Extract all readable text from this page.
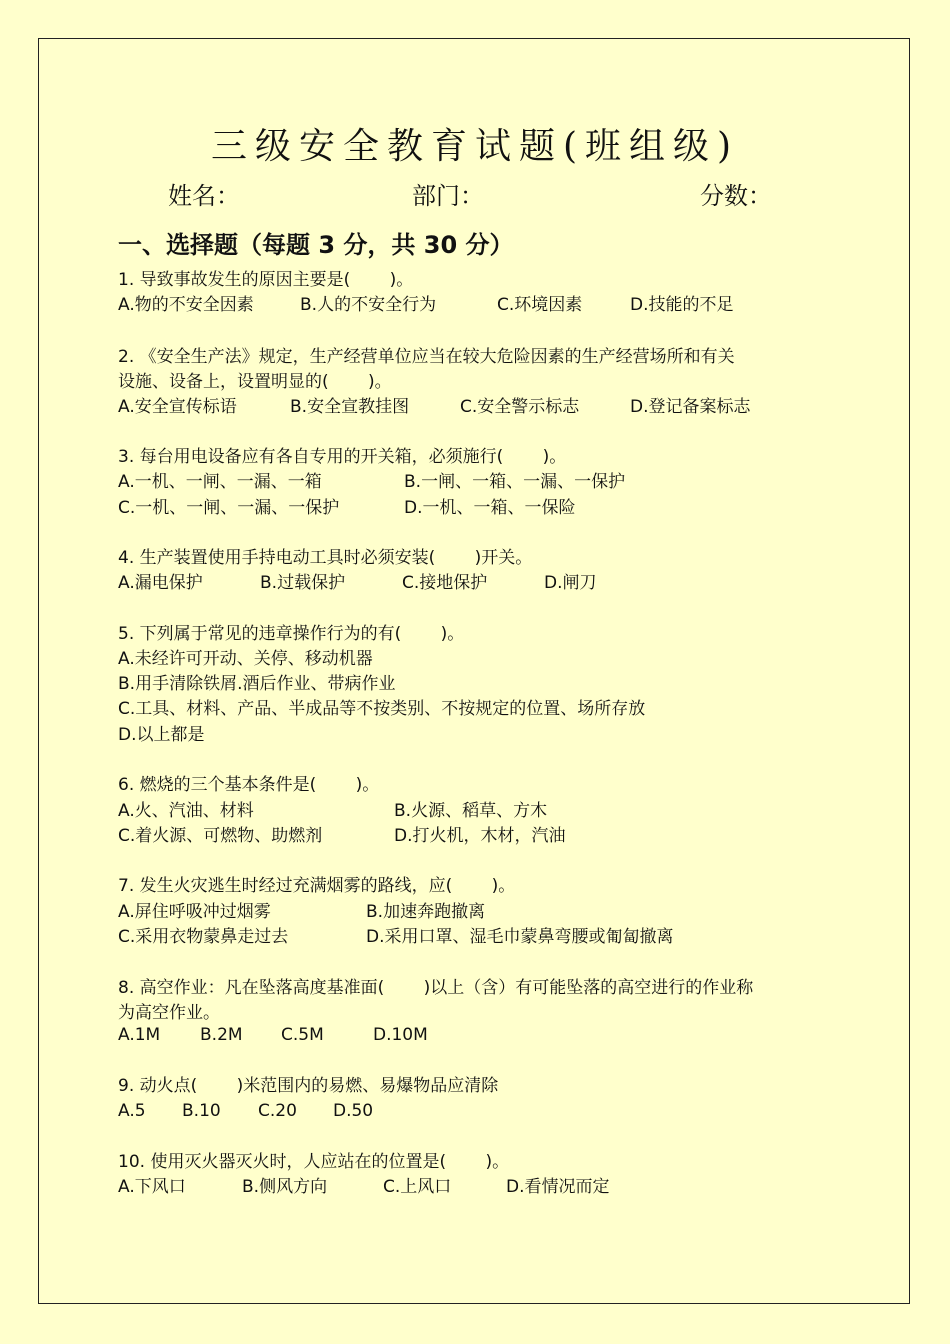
三级安全教育试题(班组级)
姓名：	部门：	分数：
一、选择题（每题 3 分，共 30 分）
1. 导致事故发生的原因主要是(　　 )。
A.物的不安全因素	B.人的不安全行为	C.环境因素	D.技能的不足
2. 《安全生产法》规定，生产经营单位应当在较大危险因素的生产经营场所和有关
设施、设备上，设置明显的(　　 )。
A.安全宣传标语	B.安全宣教挂图	C.安全警示标志	D.登记备案标志
3. 每台用电设备应有各自专用的开关箱，必须施行(　　 )。
A.一机、一闸、一漏、一箱	B.一闸、一箱、一漏、一保护
C.一机、一闸、一漏、一保护	D.一机、一箱、一保险
4. 生产装置使用手持电动工具时必须安装(　　 )开关。
A.漏电保护	B.过载保护	C.接地保护	D.闸刀
5. 下列属于常见的违章操作行为的有(　　 )。
A.未经许可开动、关停、移动机器
B.用手清除铁屑.酒后作业、带病作业
C.工具、材料、产品、半成品等不按类别、不按规定的位置、场所存放
D.以上都是
6. 燃烧的三个基本条件是(　　 )。
A.火、汽油、材料	B.火源、稻草、方木
C.着火源、可燃物、助燃剂	D.打火机，木材，汽油
7. 发生火灾逃生时经过充满烟雾的路线，应(　　 )。
A.屏住呼吸冲过烟雾	B.加速奔跑撤离
C.采用衣物蒙鼻走过去	D.采用口罩、湿毛巾蒙鼻弯腰或匍匐撤离
8. 高空作业：凡在坠落高度基准面(　　 )以上（含）有可能坠落的高空进行的作业称
为高空作业。
A.1M B.2M C.5M	D.10M
9. 动火点(　　 )米范围内的易燃、易爆物品应清除
A.5 B.10 C.20 D.50
10. 使用灭火器灭火时，人应站在的位置是(　　 )。
A.下风口	B.侧风方向	C.上风口	D.看情况而定
